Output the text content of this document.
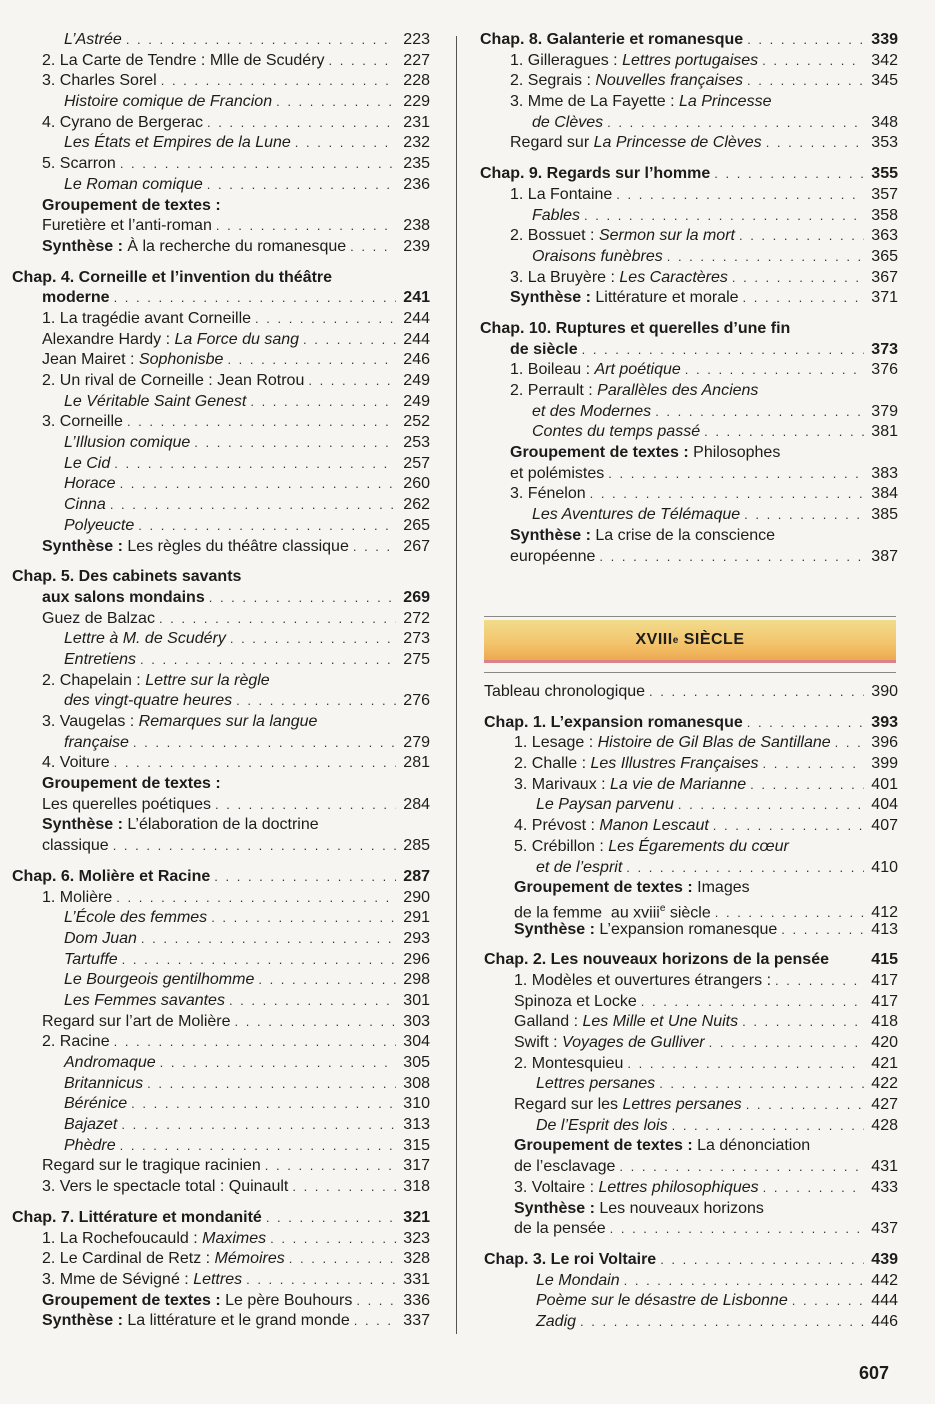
L’Astrée . . .	223
2. La Carte de Tendre : Mlle de Scudéry . . .	227
3. Charles Sorel . . .	228
Histoire comique de Francion . . .	229
4. Cyrano de Bergerac . . .	231
Les États et Empires de la Lune . . .	232
5. Scarron . . .	235
Le Roman comique . . .	236
Groupement de textes :
Furetière et l’anti-roman . . .	238
Synthèse : À la recherche du romanesque . . .	239
Chap. 4. Corneille et l’invention du théâtre
moderne . . .	241
1. La tragédie avant Corneille . . .	244
Alexandre Hardy : La Force du sang . . .	244
Jean Mairet : Sophonisbe . . .	246
2. Un rival de Corneille : Jean Rotrou . . .	249
Le Véritable Saint Genest . . .	249
3. Corneille . . .	252
L’Illusion comique . . .	253
Le Cid . . .	257
Horace . . .	260
Cinna . . .	262
Polyeucte . . .	265
Synthèse : Les règles du théâtre classique . . .	267
Chap. 5. Des cabinets savants
aux salons mondains . . .	269
Guez de Balzac . . .	272
Lettre à M. de Scudéry . . .	273
Entretiens . . .	275
2. Chapelain : Lettre sur la règle
des vingt-quatre heures . . .	276
3. Vaugelas : Remarques sur la langue
française . . .	279
4. Voiture . . .	281
Groupement de textes :
Les querelles poétiques . . .	284
Synthèse : L’élaboration de la doctrine
classique . . .	285
Chap. 6. Molière et Racine . . .	287
1. Molière . . .	290
L’École des femmes . . .	291
Dom Juan . . .	293
Tartuffe . . .	296
Le Bourgeois gentilhomme . . .	298
Les Femmes savantes . . .	301
Regard sur l’art de Molière . . .	303
2. Racine . . .	304
Andromaque . . .	305
Britannicus . . .	308
Bérénice . . .	310
Bajazet . . .	313
Phèdre . . .	315
Regard sur le tragique racinien . . .	317
3. Vers le spectacle total : Quinault . . .	318
Chap. 7. Littérature et mondanité . . .	321
1. La Rochefoucauld : Maximes . . .	323
2. Le Cardinal de Retz : Mémoires . . .	328
3. Mme de Sévigné : Lettres . . .	331
Groupement de textes : Le père Bouhours . . .	336
Synthèse : La littérature et le grand monde . . .	337
Chap. 8. Galanterie et romanesque . . .	339
1. Gilleragues : Lettres portugaises . . .	342
2. Segrais : Nouvelles françaises . . .	345
3. Mme de La Fayette : La Princesse
de Clèves . . .	348
Regard sur La Princesse de Clèves . . .	353
Chap. 9. Regards sur l’homme . . .	355
1. La Fontaine . . .	357
Fables . . .	358
2. Bossuet : Sermon sur la mort . . .	363
Oraisons funèbres . . .	365
3. La Bruyère : Les Caractères . . .	367
Synthèse : Littérature et morale . . .	371
Chap. 10. Ruptures et querelles d’une fin
de siècle . . .	373
1. Boileau : Art poétique . . .	376
2. Perrault : Parallèles des Anciens
et des Modernes . . .	379
Contes du temps passé . . .	381
Groupement de textes : Philosophes
et polémistes . . .	383
3. Fénelon . . .	384
Les Aventures de Télémaque . . .	385
Synthèse : La crise de la conscience
européenne . . .	387
XVIII e SIÈCLE
Tableau chronologique . . .	390
Chap. 1. L’expansion romanesque . . .	393
1. Lesage : Histoire de Gil Blas de Santillane . . .	396
2. Challe : Les Illustres Françaises . . .	399
3. Marivaux : La vie de Marianne . . .	401
Le Paysan parvenu . . .	404
4. Prévost : Manon Lescaut . . .	407
5. Crébillon : Les Égarements du cœur
et de l’esprit . . .	410
Groupement de textes : Images
de la femme  au xviii$^e$ siècle . . .	412
Synthèse : L’expansion romanesque . . .	413
Chap. 2. Les nouveaux horizons de la pensée	415
1. Modèles et ouvertures étrangers : . . .	417
Spinoza et Locke . . .	417
Galland : Les Mille et Une Nuits . . .	418
Swift : Voyages de Gulliver . . .	420
2. Montesquieu . . .	421
Lettres persanes . . .	422
Regard sur les Lettres persanes . . .	427
De l’Esprit des lois . . .	428
Groupement de textes : La dénonciation
de l’esclavage . . .	431
3. Voltaire : Lettres philosophiques . . .	433
Synthèse : Les nouveaux horizons
de la pensée . . .	437
Chap. 3. Le roi Voltaire . . .	439
Le Mondain . . .	442
Poème sur le désastre de Lisbonne . . .	444
Zadig . . .	446
607
